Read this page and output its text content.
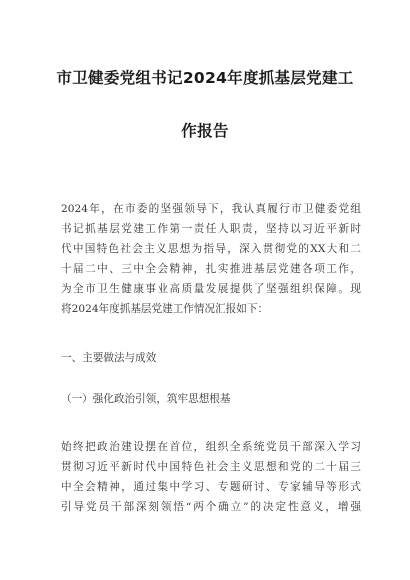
市卫健委党组书记2024年度抓基层党建工
作报告
2024年，在市委的坚强领导下，我认真履行市卫健委党组
书记抓基层党建工作第一责任人职责，坚持以习近平新时
代中国特色社会主义思想为指导，深入贯彻党的XX大和二
十届二中、三中全会精神，扎实推进基层党建各项工作，
为全市卫生健康事业高质量发展提供了坚强组织保障。现
将2024年度抓基层党建工作情况汇报如下：
一、主要做法与成效
（一）强化政治引领，筑牢思想根基
始终把政治建设摆在首位，组织全系统党员干部深入学习
贯彻习近平新时代中国特色社会主义思想和党的二十届三
中全会精神，通过集中学习、专题研讨、专家辅导等形式
引导党员干部深刻领悟“两个确立”的决定性意义，增强
